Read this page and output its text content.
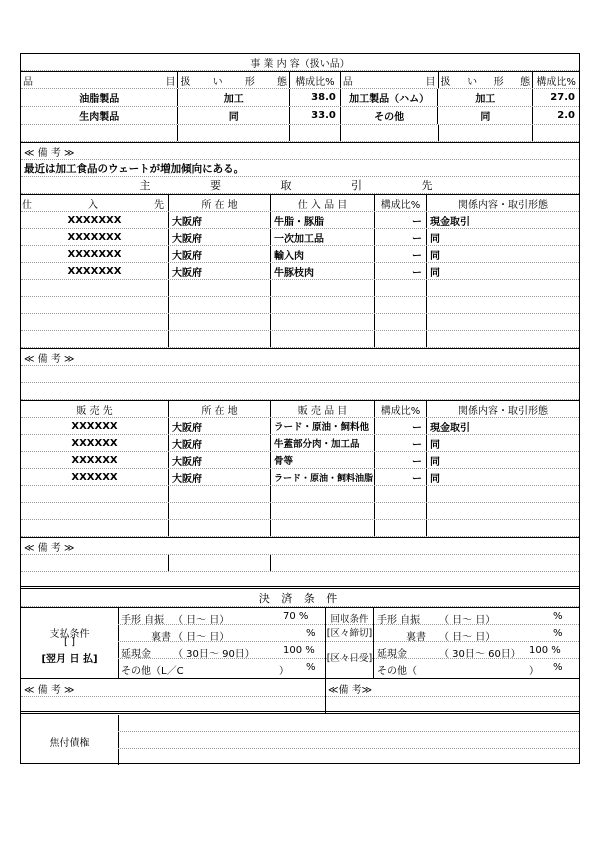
事 業 内 容（扱い品）
品	目 扱 い 形 態 構成比% 品	目 扱 い 形 態 構成比%
油脂製品	加工	38.0	加工製品（ハム）	加工	27.0
生肉製品	同	33.0	その他	同	2.0
≪ 備 考 ≫
最近は加工食品のウェートが増加傾向にある。
主 要 取 引 先
仕	入	先	所 在 地	仕 入 品 目	構成比%	関係内容・取引形態
XXXXXXX	大阪府	牛脂・豚脂	ー 現金取引
XXXXXXX	大阪府	一次加工品	ー 同
XXXXXXX	大阪府	輸入肉	ー 同
XXXXXXX	大阪府	牛豚枝肉	ー 同
≪ 備 考 ≫
販 売 先	所 在 地	販 売 品 目	構成比%	関係内容・取引形態
XXXXXX	大阪府	ラード・原油・飼料他	ー 現金取引
XXXXXX	大阪府	牛蓋部分肉・加工品	ー 同
XXXXXX	大阪府	骨等	ー 同
XXXXXX	大阪府	ラード・原油・飼料油脂	ー 同
≪ 備 考 ≫
決 済 条 件
支払条件
[ ]
[翌月 日 払]
手形 自振 （ 日～ 日）	70 %
裏書 （ 日～ 日）	%
延現金 （ 30日～ 90日）	100 %
その他（L／C	） %
回収条件
[区々締切]
[区々日受]
手形 自振 （ 日～ 日）	%
裏書 （ 日～ 日）	%
延現金	（ 30日～ 60日） 100 %
その他（	） %
≪ 備 考 ≫	≪備 考≫
焦付債権
